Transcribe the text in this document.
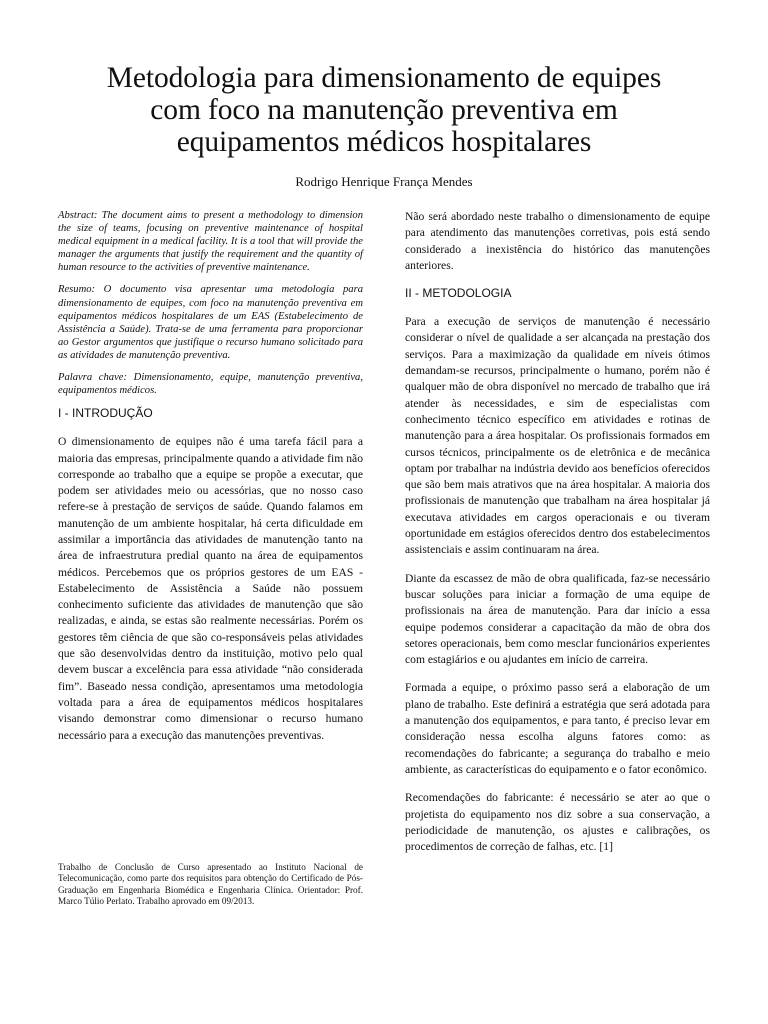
Metodologia para dimensionamento de equipes
com foco na manutenção preventiva em
equipamentos médicos hospitalares

Rodrigo Henrique França Mendes

Abstract: The document aims to present a methodology to dimension the size of teams, focusing on preventive maintenance of hospital medical equipment in a medical facility. It is a tool that will provide the manager the arguments that justify the requirement and the quantity of human resource to the activities of preventive maintenance.

Resumo: O documento visa apresentar uma metodologia para dimensionamento de equipes, com foco na manutenção preventiva em equipamentos médicos hospitalares de um EAS (Estabelecimento de Assistência a Saúde). Trata-se de uma ferramenta para proporcionar ao Gestor argumentos que justifique o recurso humano solicitado para as atividades de manutenção preventiva.

Palavra chave: Dimensionamento, equipe, manutenção preventiva, equipamentos médicos.

I - INTRODUÇÃO

O dimensionamento de equipes não é uma tarefa fácil para a maioria das empresas, principalmente quando a atividade fim não corresponde ao trabalho que a equipe se propõe a executar, que podem ser atividades meio ou acessórias, que no nosso caso refere-se à prestação de serviços de saúde. Quando falamos em manutenção de um ambiente hospitalar, há certa dificuldade em assimilar a importância das atividades de manutenção tanto na área de infraestrutura predial quanto na área de equipamentos médicos. Percebemos que os próprios gestores de um EAS - Estabelecimento de Assistência a Saúde não possuem conhecimento suficiente das atividades de manutenção que são realizadas, e ainda, se estas são realmente necessárias. Porém os gestores têm ciência de que são co-responsáveis pelas atividades que são desenvolvidas dentro da instituição, motivo pelo qual devem buscar a excelência para essa atividade “não considerada fim”. Baseado nessa condição, apresentamos uma metodologia voltada para a área de equipamentos médicos hospitalares visando demonstrar como dimensionar o recurso humano necessário para a execução das manutenções preventivas.

Não será abordado neste trabalho o dimensionamento de equipe para atendimento das manutenções corretivas, pois está sendo considerado a inexistência do histórico das manutenções anteriores.

II - METODOLOGIA

Para a execução de serviços de manutenção é necessário considerar o nível de qualidade a ser alcançada na prestação dos serviços. Para a maximização da qualidade em níveis ótimos demandam-se recursos, principalmente o humano, porém não é qualquer mão de obra disponível no mercado de trabalho que irá atender às necessidades, e sim de especialistas com conhecimento técnico específico em atividades e rotinas de manutenção para a área hospitalar. Os profissionais formados em cursos técnicos, principalmente os de eletrônica e de mecânica optam por trabalhar na indústria devido aos benefícios oferecidos que são bem mais atrativos que na área hospitalar. A maioria dos profissionais de manutenção que trabalham na área hospitalar já executava atividades em cargos operacionais e ou tiveram oportunidade em estágios oferecidos dentro dos estabelecimentos assistenciais e assim continuaram na área.

Diante da escassez de mão de obra qualificada, faz-se necessário buscar soluções para iniciar a formação de uma equipe de profissionais na área de manutenção. Para dar início a essa equipe podemos considerar a capacitação da mão de obra dos setores operacionais, bem como mesclar funcionários experientes com estagiários e ou ajudantes em início de carreira.

Formada a equipe, o próximo passo será a elaboração de um plano de trabalho. Este definirá a estratégia que será adotada para a manutenção dos equipamentos, e para tanto, é preciso levar em consideração nessa escolha alguns fatores como: as recomendações do fabricante; a segurança do trabalho e meio ambiente, as características do equipamento e o fator econômico.

Recomendações do fabricante: é necessário se ater ao que o projetista do equipamento nos diz sobre a sua conservação, a periodicidade de manutenção, os ajustes e calibrações, os procedimentos de correção de falhas, etc. [1]

Trabalho de Conclusão de Curso apresentado ao Instituto Nacional de Telecomunicação, como parte dos requisitos para obtenção do Certificado de Pós-Graduação em Engenharia Biomédica e Engenharia Clínica. Orientador: Prof. Marco Túlio Perlato. Trabalho aprovado em 09/2013.
